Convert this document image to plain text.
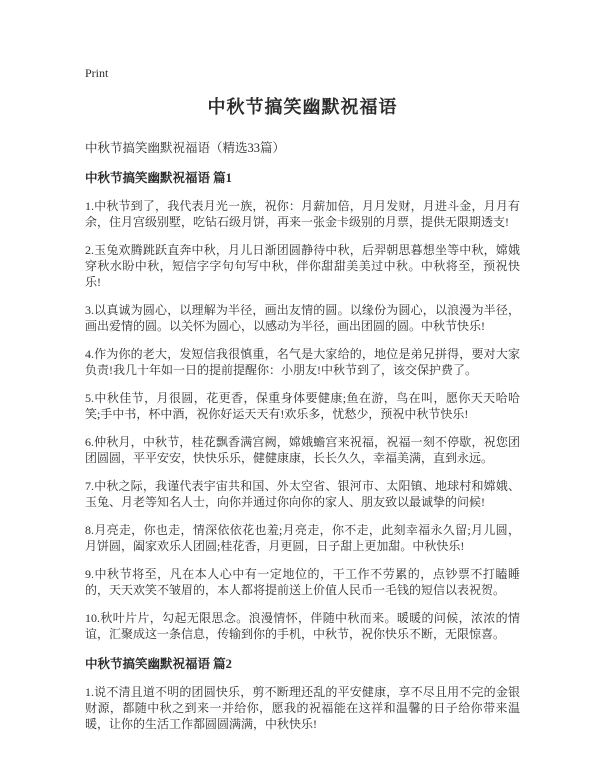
Print
中秋节搞笑幽默祝福语
中秋节搞笑幽默祝福语（精选33篇）
中秋节搞笑幽默祝福语 篇1

1.中秋节到了，我代表月光一族，祝你：月薪加倍，月月发财，月进斗金，月月有余，住月宫级别墅，吃钻石级月饼，再来一张金卡级别的月票，提供无限期透支!

2.玉兔欢腾跳跃直奔中秋，月儿日渐团圆静待中秋，后羿朝思暮想坐等中秋，嫦娥穿秋水盼中秋，短信字字句句写中秋，伴你甜甜美美过中秋。中秋将至，预祝快乐!

3.以真诚为圆心，以理解为半径，画出友情的圆。以缘份为圆心，以浪漫为半径，画出爱情的圆。以关怀为圆心，以感动为半径，画出团圆的圆。中秋节快乐!

4.作为你的老大，发短信我很慎重，名气是大家给的，地位是弟兄拼得，要对大家负责!我几十年如一日的提前提醒你：小朋友!中秋节到了，该交保护费了。

5.中秋佳节，月很圆，花更香，保重身体要健康;鱼在游，鸟在叫，愿你天天哈哈笑;手中书，杯中酒，祝你好运天天有!欢乐多，忧愁少，预祝中秋节快乐!

6.仲秋月，中秋节，桂花飘香满宫阙，嫦娥蟾宫来祝福，祝福一刻不停歇，祝您团团圆圆，平平安安，快快乐乐，健健康康，长长久久，幸福美满，直到永远。

7.中秋之际，我谨代表宇宙共和国、外太空省、银河市、太阳镇、地球村和嫦娥、玉兔、月老等知名人士，向你并通过你向你的家人、朋友致以最诚挚的问候!

8.月亮走，你也走，情深依依花也羞;月亮走，你不走，此刻幸福永久留;月儿圆，月饼圆，阖家欢乐人团圆;桂花香，月更圆，日子甜上更加甜。中秋快乐!

9.中秋节将至，凡在本人心中有一定地位的，干工作不劳累的，点钞票不打瞌睡的，天天欢笑不皱眉的，本人都将提前送上价值人民币一毛钱的短信以表祝贺。

10.秋叶片片，勾起无限思念。浪漫情怀，伴随中秋而来。暖暖的问候，浓浓的情谊，汇聚成这一条信息，传输到你的手机，中秋节，祝你快乐不断，无限惊喜。

中秋节搞笑幽默祝福语 篇2

1.说不清且道不明的团圆快乐，剪不断理还乱的平安健康，享不尽且用不完的金银财源，都随中秋之到来一并给你，愿我的祝福能在这祥和温馨的日子给你带来温暖，让你的生活工作都圆圆满满，中秋快乐!
